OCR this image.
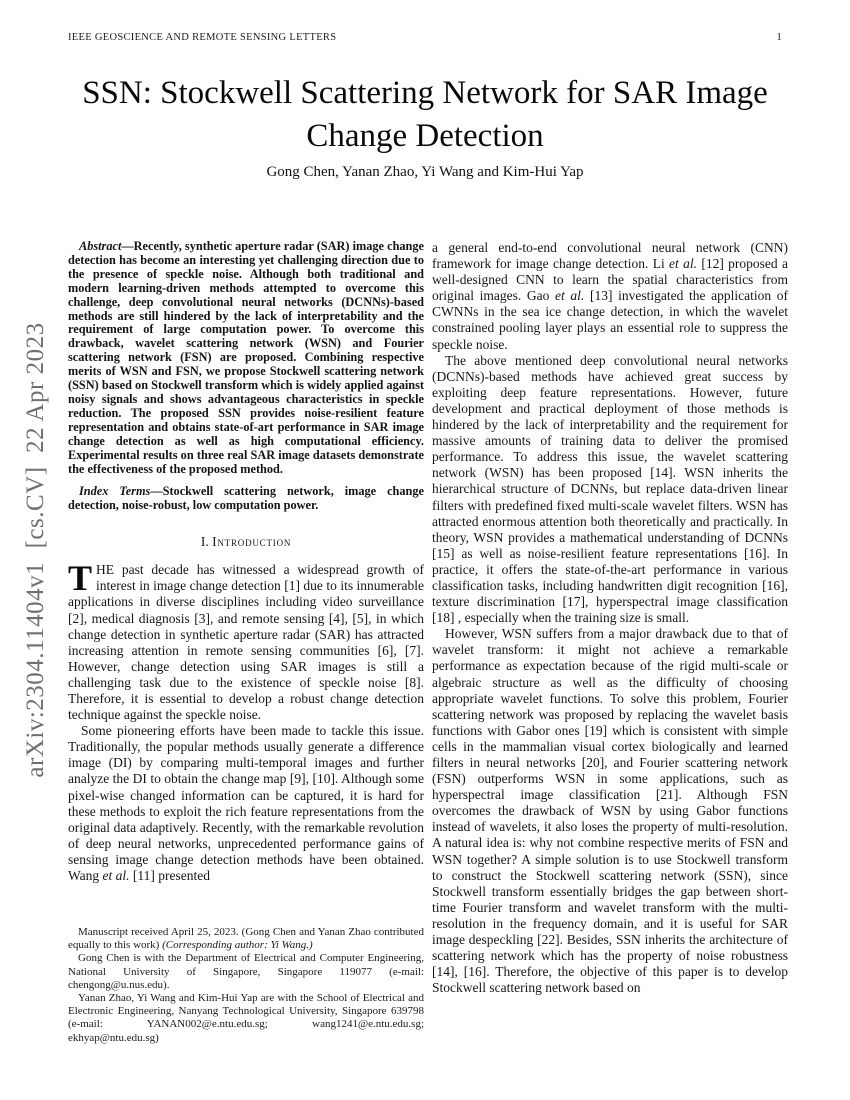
IEEE GEOSCIENCE AND REMOTE SENSING LETTERS	1
arXiv:2304.11404v1  [cs.CV]  22 Apr 2023
SSN: Stockwell Scattering Network for SAR Image Change Detection
Gong Chen, Yanan Zhao, Yi Wang and Kim-Hui Yap

Abstract—Recently, synthetic aperture radar (SAR) image change detection has become an interesting yet challenging direction due to the presence of speckle noise. Although both traditional and modern learning-driven methods attempted to overcome this challenge, deep convolutional neural networks (DCNNs)-based methods are still hindered by the lack of interpretability and the requirement of large computation power. To overcome this drawback, wavelet scattering network (WSN) and Fourier scattering network (FSN) are proposed. Combining respective merits of WSN and FSN, we propose Stockwell scattering network (SSN) based on Stockwell transform which is widely applied against noisy signals and shows advantageous characteristics in speckle reduction. The proposed SSN provides noise-resilient feature representation and obtains state-of-art performance in SAR image change detection as well as high computational efficiency. Experimental results on three real SAR image datasets demonstrate the effectiveness of the proposed method.

Index Terms—Stockwell scattering network, image change detection, noise-robust, low computation power.

I. Introduction

THE past decade has witnessed a widespread growth of interest in image change detection [1] due to its innumerable applications in diverse disciplines including video surveillance [2], medical diagnosis [3], and remote sensing [4], [5], in which change detection in synthetic aperture radar (SAR) has attracted increasing attention in remote sensing communities [6], [7]. However, change detection using SAR images is still a challenging task due to the existence of speckle noise [8]. Therefore, it is essential to develop a robust change detection technique against the speckle noise.

Some pioneering efforts have been made to tackle this issue. Traditionally, the popular methods usually generate a difference image (DI) by comparing multi-temporal images and further analyze the DI to obtain the change map [9], [10]. Although some pixel-wise changed information can be captured, it is hard for these methods to exploit the rich feature representations from the original data adaptively. Recently, with the remarkable revolution of deep neural networks, unprecedented performance gains of sensing image change detection methods have been obtained. Wang et al. [11] presented

a general end-to-end convolutional neural network (CNN) framework for image change detection. Li et al. [12] proposed a well-designed CNN to learn the spatial characteristics from original images. Gao et al. [13] investigated the application of CWNNs in the sea ice change detection, in which the wavelet constrained pooling layer plays an essential role to suppress the speckle noise.

The above mentioned deep convolutional neural networks (DCNNs)-based methods have achieved great success by exploiting deep feature representations. However, future development and practical deployment of those methods is hindered by the lack of interpretability and the requirement for massive amounts of training data to deliver the promised performance. To address this issue, the wavelet scattering network (WSN) has been proposed [14]. WSN inherits the hierarchical structure of DCNNs, but replace data-driven linear filters with predefined fixed multi-scale wavelet filters. WSN has attracted enormous attention both theoretically and practically. In theory, WSN provides a mathematical understanding of DCNNs [15] as well as noise-resilient feature representations [16]. In practice, it offers the state-of-the-art performance in various classification tasks, including handwritten digit recognition [16], texture discrimination [17], hyperspectral image classification [18] , especially when the training size is small.

However, WSN suffers from a major drawback due to that of wavelet transform: it might not achieve a remarkable performance as expectation because of the rigid multi-scale or algebraic structure as well as the difficulty of choosing appropriate wavelet functions. To solve this problem, Fourier scattering network was proposed by replacing the wavelet basis functions with Gabor ones [19] which is consistent with simple cells in the mammalian visual cortex biologically and learned filters in neural networks [20], and Fourier scattering network (FSN) outperforms WSN in some applications, such as hyperspectral image classification [21]. Although FSN overcomes the drawback of WSN by using Gabor functions instead of wavelets, it also loses the property of multi-resolution. A natural idea is: why not combine respective merits of FSN and WSN together? A simple solution is to use Stockwell transform to construct the Stockwell scattering network (SSN), since Stockwell transform essentially bridges the gap between short-time Fourier transform and wavelet transform with the multi-resolution in the frequency domain, and it is useful for SAR image despeckling [22]. Besides, SSN inherits the architecture of scattering network which has the property of noise robustness [14], [16]. Therefore, the objective of this paper is to develop Stockwell scattering network based on

Manuscript received April 25, 2023. (Gong Chen and Yanan Zhao contributed equally to this work) (Corresponding author: Yi Wang.)

Gong Chen is with the Department of Electrical and Computer Engineering, National University of Singapore, Singapore 119077 (e-mail: chengong@u.nus.edu).

Yanan Zhao, Yi Wang and Kim-Hui Yap are with the School of Electrical and Electronic Engineering, Nanyang Technological University, Singapore 639798 (e-mail: YANAN002@e.ntu.edu.sg; wang1241@e.ntu.edu.sg; ekhyap@ntu.edu.sg)
